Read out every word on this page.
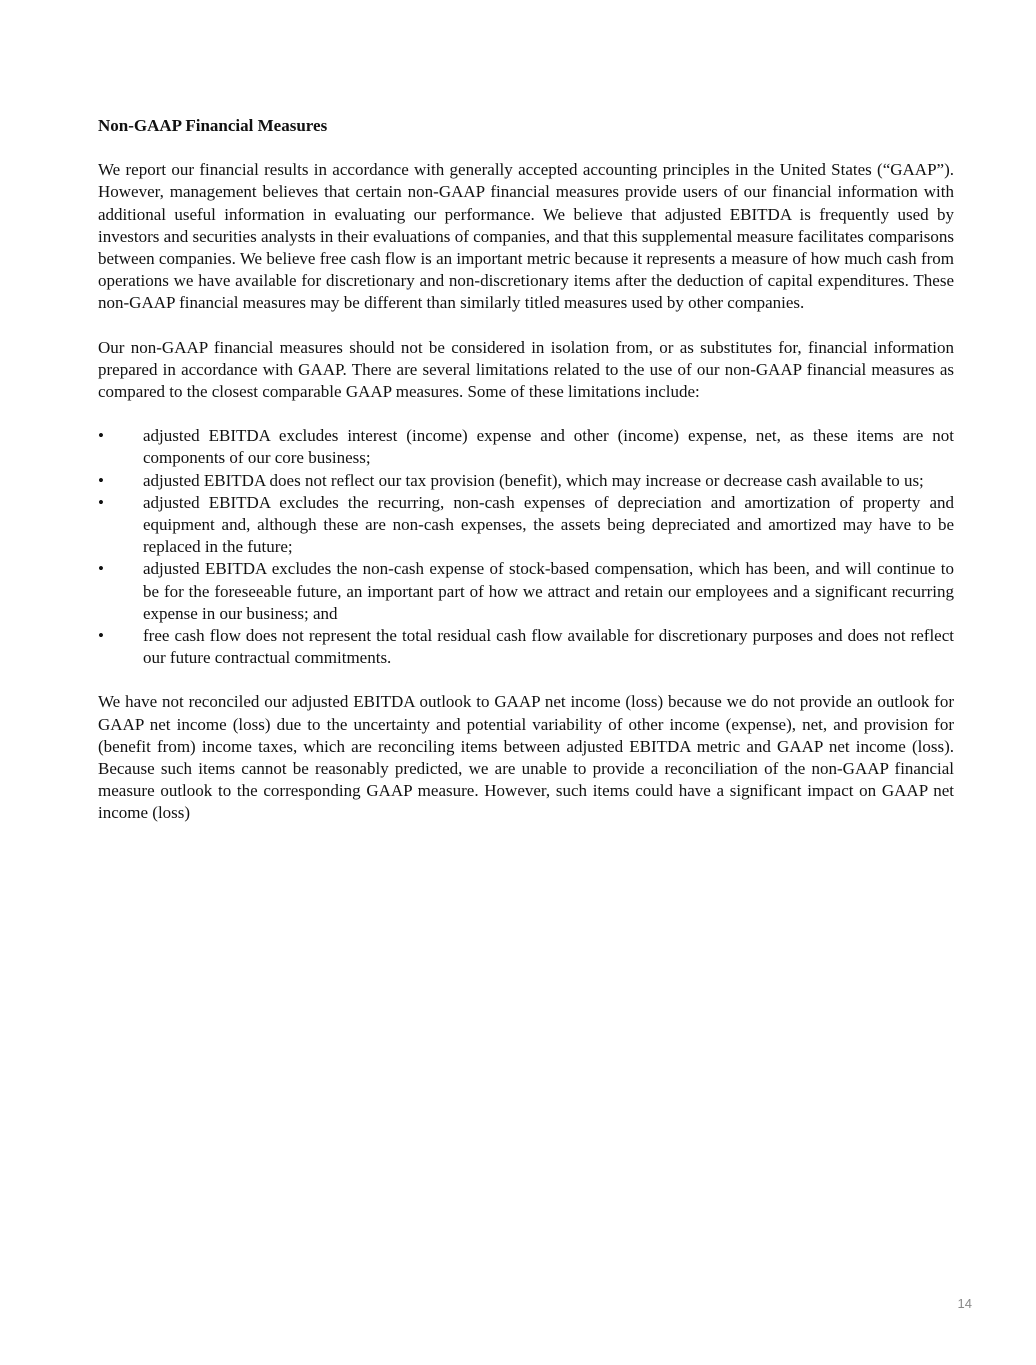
Non-GAAP Financial Measures

We report our financial results in accordance with generally accepted accounting principles in the United States (“GAAP”). However, management believes that certain non-GAAP financial measures provide users of our financial information with additional useful information in evaluating our performance. We believe that adjusted EBITDA is frequently used by investors and securities analysts in their evaluations of companies, and that this supplemental measure facilitates comparisons between companies. We believe free cash flow is an important metric because it represents a measure of how much cash from operations we have available for discretionary and non-discretionary items after the deduction of capital expenditures. These non-GAAP financial measures may be different than similarly titled measures used by other companies.

Our non-GAAP financial measures should not be considered in isolation from, or as substitutes for, financial information prepared in accordance with GAAP. There are several limitations related to the use of our non-GAAP financial measures as compared to the closest comparable GAAP measures. Some of these limitations include:

•	adjusted EBITDA excludes interest (income) expense and other (income) expense, net, as these items are not components of our core business;
•	adjusted EBITDA does not reflect our tax provision (benefit), which may increase or decrease cash available to us;
•	adjusted EBITDA excludes the recurring, non-cash expenses of depreciation and amortization of property and equipment and, although these are non-cash expenses, the assets being depreciated and amortized may have to be replaced in the future;
•	adjusted EBITDA excludes the non-cash expense of stock-based compensation, which has been, and will continue to be for the foreseeable future, an important part of how we attract and retain our employees and a significant recurring expense in our business; and
•	free cash flow does not represent the total residual cash flow available for discretionary purposes and does not reflect our future contractual commitments.

We have not reconciled our adjusted EBITDA outlook to GAAP net income (loss) because we do not provide an outlook for GAAP net income (loss) due to the uncertainty and potential variability of other income (expense), net, and provision for (benefit from) income taxes, which are reconciling items between adjusted EBITDA metric and GAAP net income (loss). Because such items cannot be reasonably predicted, we are unable to provide a reconciliation of the non-GAAP financial measure outlook to the corresponding GAAP measure. However, such items could have a significant impact on GAAP net income (loss)

14
